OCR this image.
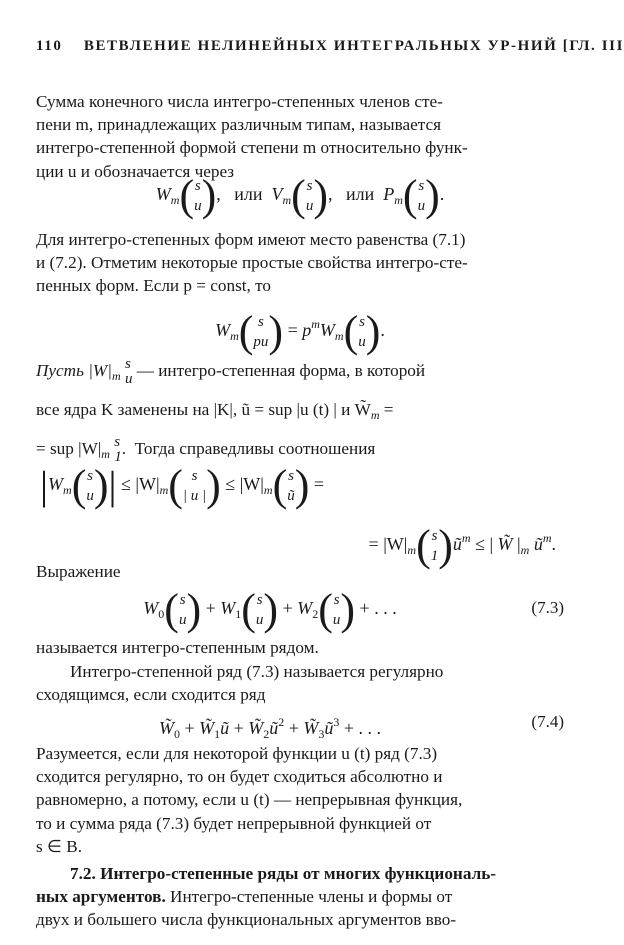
110 ВЕТВЛЕНИЕ НЕЛИНЕЙНЫХ ИНТЕГРАЛЬНЫХ УР-НИЙ [ГЛ. III
Сумма конечного числа интегро-степенных членов сте-
пени m, принадлежащих различным типам, называется
интегро-степенной формой степени m относительно функ-
ции u и обозначается через
$W_m$( s
u ),   или $V_m$( s
u ),   или $P_m$( s
u ).
Для интегро-степенных форм имеют место равенства (7.1)
и (7.2). Отметим некоторые простые свойства интегро-сте-
пенных форм. Если p = const, то
$W_m$( s
pu ) = $p^mW_m$( s
u ).
Пусть $|W|_m$
s
u — интегро-степенная форма, в которой
все ядра K заменены на |K|, ũ = sup |u (t) | и $W̃_m$ =
= sup $|W|_m$
s
1 .  Тогда справедливы соотношения
$|W_m$( s
u )| ≤ $|W|_m$( s
| u | ) ≤ $|W|_m$( s
ũ ) =
= $|W|_m$( s
1 )$ũ^m$ ≤ | W̃ $|_m$ $ũ^m$.
Выражение
$W_0$( s
u ) + $W_1$( s
u ) + $W_2$( s
u ) + . . .	(7.3)
называется интегро-степенным рядом.
Интегро-степенной ряд (7.3) называется регулярно
сходящимся, если сходится ряд
$W̃_0$ + $W̃_1ũ$ + $W̃_2ũ^2$ + $W̃_3ũ^3$ + . . .	(7.4)
Разумеется, если для некоторой функции u (t) ряд (7.3)
сходится регулярно, то он будет сходиться абсолютно и
равномерно, а потому, если u (t) — непрерывная функция,
то и сумма ряда (7.3) будет непрерывной функцией от
s ∈ B.
7.2. Интегро-степенные ряды от многих функциональ-
ных аргументов. Интегро-степенные члены и формы от
двух и большего числа функциональных аргументов вво-
